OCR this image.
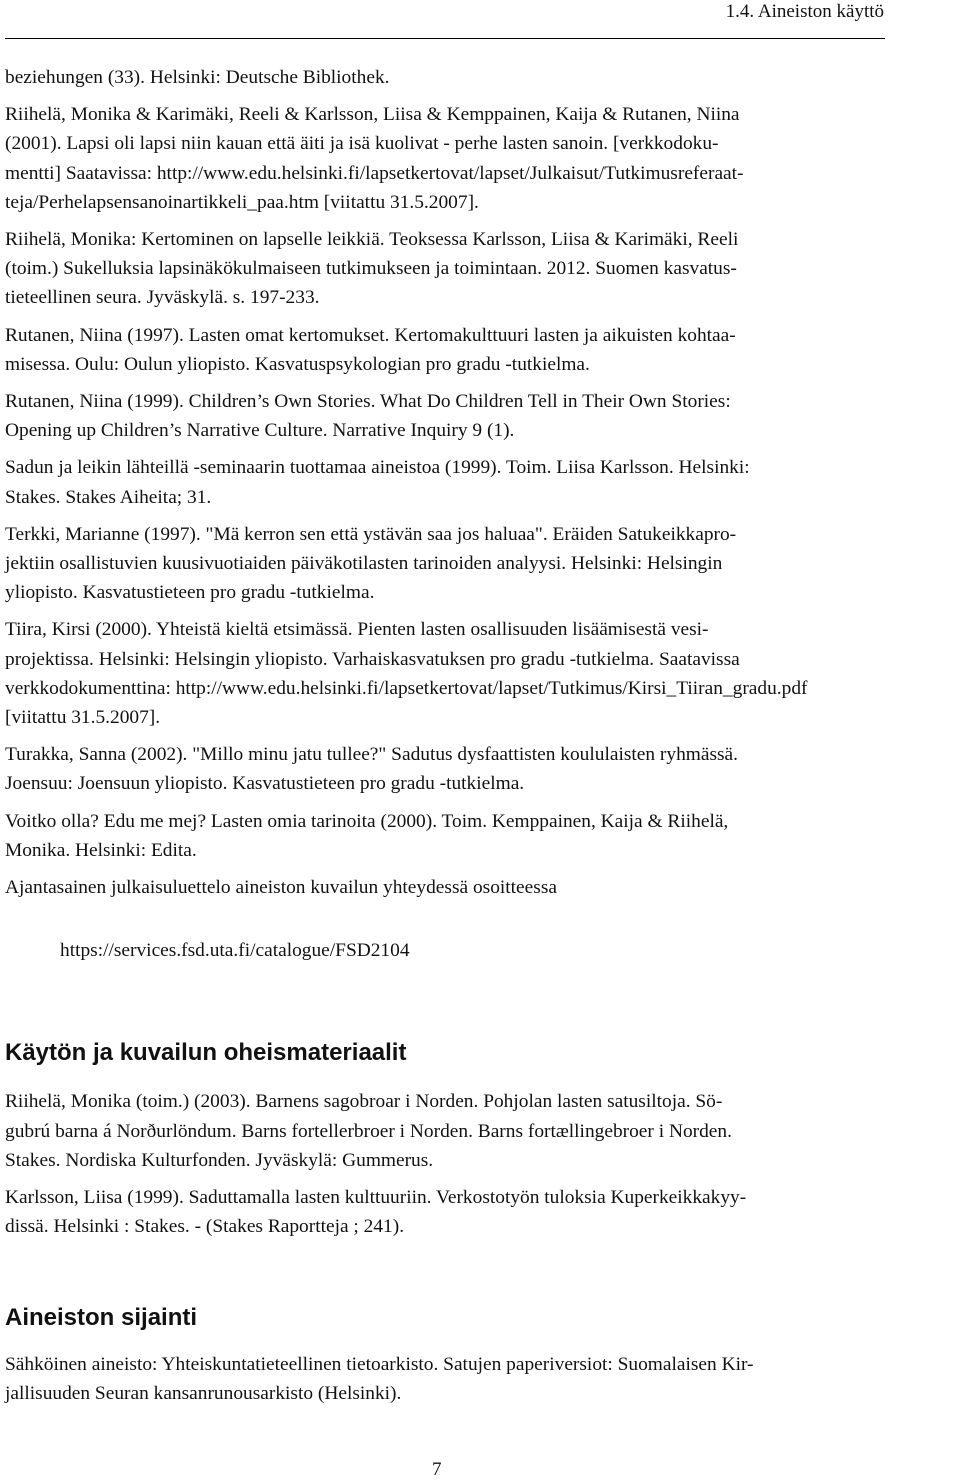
1.4. Aineiston käyttö
beziehungen (33). Helsinki: Deutsche Bibliothek.
Riihelä, Monika & Karimäki, Reeli & Karlsson, Liisa & Kemppainen, Kaija & Rutanen, Niina
(2001). Lapsi oli lapsi niin kauan että äiti ja isä kuolivat - perhe lasten sanoin. [verkkodoku-
mentti] Saatavissa: http://www.edu.helsinki.fi/lapsetkertovat/lapset/Julkaisut/Tutkimusreferaat-
teja/Perhelapsensanoinartikkeli_paa.htm [viitattu 31.5.2007].
Riihelä, Monika: Kertominen on lapselle leikkiä. Teoksessa Karlsson, Liisa & Karimäki, Reeli
(toim.) Sukelluksia lapsinäkökulmaiseen tutkimukseen ja toimintaan. 2012. Suomen kasvatus-
tieteellinen seura. Jyväskylä. s. 197-233.
Rutanen, Niina (1997). Lasten omat kertomukset. Kertomakulttuuri lasten ja aikuisten kohtaa-
misessa. Oulu: Oulun yliopisto. Kasvatuspsykologian pro gradu -tutkielma.
Rutanen, Niina (1999). Children’s Own Stories. What Do Children Tell in Their Own Stories:
Opening up Children’s Narrative Culture. Narrative Inquiry 9 (1).
Sadun ja leikin lähteillä -seminaarin tuottamaa aineistoa (1999). Toim. Liisa Karlsson. Helsinki:
Stakes. Stakes Aiheita; 31.
Terkki, Marianne (1997). "Mä kerron sen että ystävän saa jos haluaa". Eräiden Satukeikkapro-
jektiin osallistuvien kuusivuotiaiden päiväkotilasten tarinoiden analyysi. Helsinki: Helsingin
yliopisto. Kasvatustieteen pro gradu -tutkielma.
Tiira, Kirsi (2000). Yhteistä kieltä etsimässä. Pienten lasten osallisuuden lisäämisestä vesi-
projektissa. Helsinki: Helsingin yliopisto. Varhaiskasvatuksen pro gradu -tutkielma. Saatavissa
verkkodokumenttina: http://www.edu.helsinki.fi/lapsetkertovat/lapset/Tutkimus/Kirsi_Tiiran_gradu.pdf
[viitattu 31.5.2007].
Turakka, Sanna (2002). "Millo minu jatu tullee?" Sadutus dysfaattisten koululaisten ryhmässä.
Joensuu: Joensuun yliopisto. Kasvatustieteen pro gradu -tutkielma.
Voitko olla? Edu me mej? Lasten omia tarinoita (2000). Toim. Kemppainen, Kaija & Riihelä,
Monika. Helsinki: Edita.
Ajantasainen julkaisuluettelo aineiston kuvailun yhteydessä osoitteessa
https://services.fsd.uta.fi/catalogue/FSD2104
Käytön ja kuvailun oheismateriaalit
Riihelä, Monika (toim.) (2003). Barnens sagobroar i Norden. Pohjolan lasten satusiltoja. Sö-
gubrú barna á Norðurlöndum. Barns fortellerbroer i Norden. Barns fortællingebroer i Norden.
Stakes. Nordiska Kulturfonden. Jyväskylä: Gummerus.
Karlsson, Liisa (1999). Saduttamalla lasten kulttuuriin. Verkostotyön tuloksia Kuperkeikkakyy-
dissä. Helsinki : Stakes. - (Stakes Raportteja ; 241).
Aineiston sijainti
Sähköinen aineisto: Yhteiskuntatieteellinen tietoarkisto. Satujen paperiversiot: Suomalaisen Kir-
jallisuuden Seuran kansanrunousarkisto (Helsinki).
7
